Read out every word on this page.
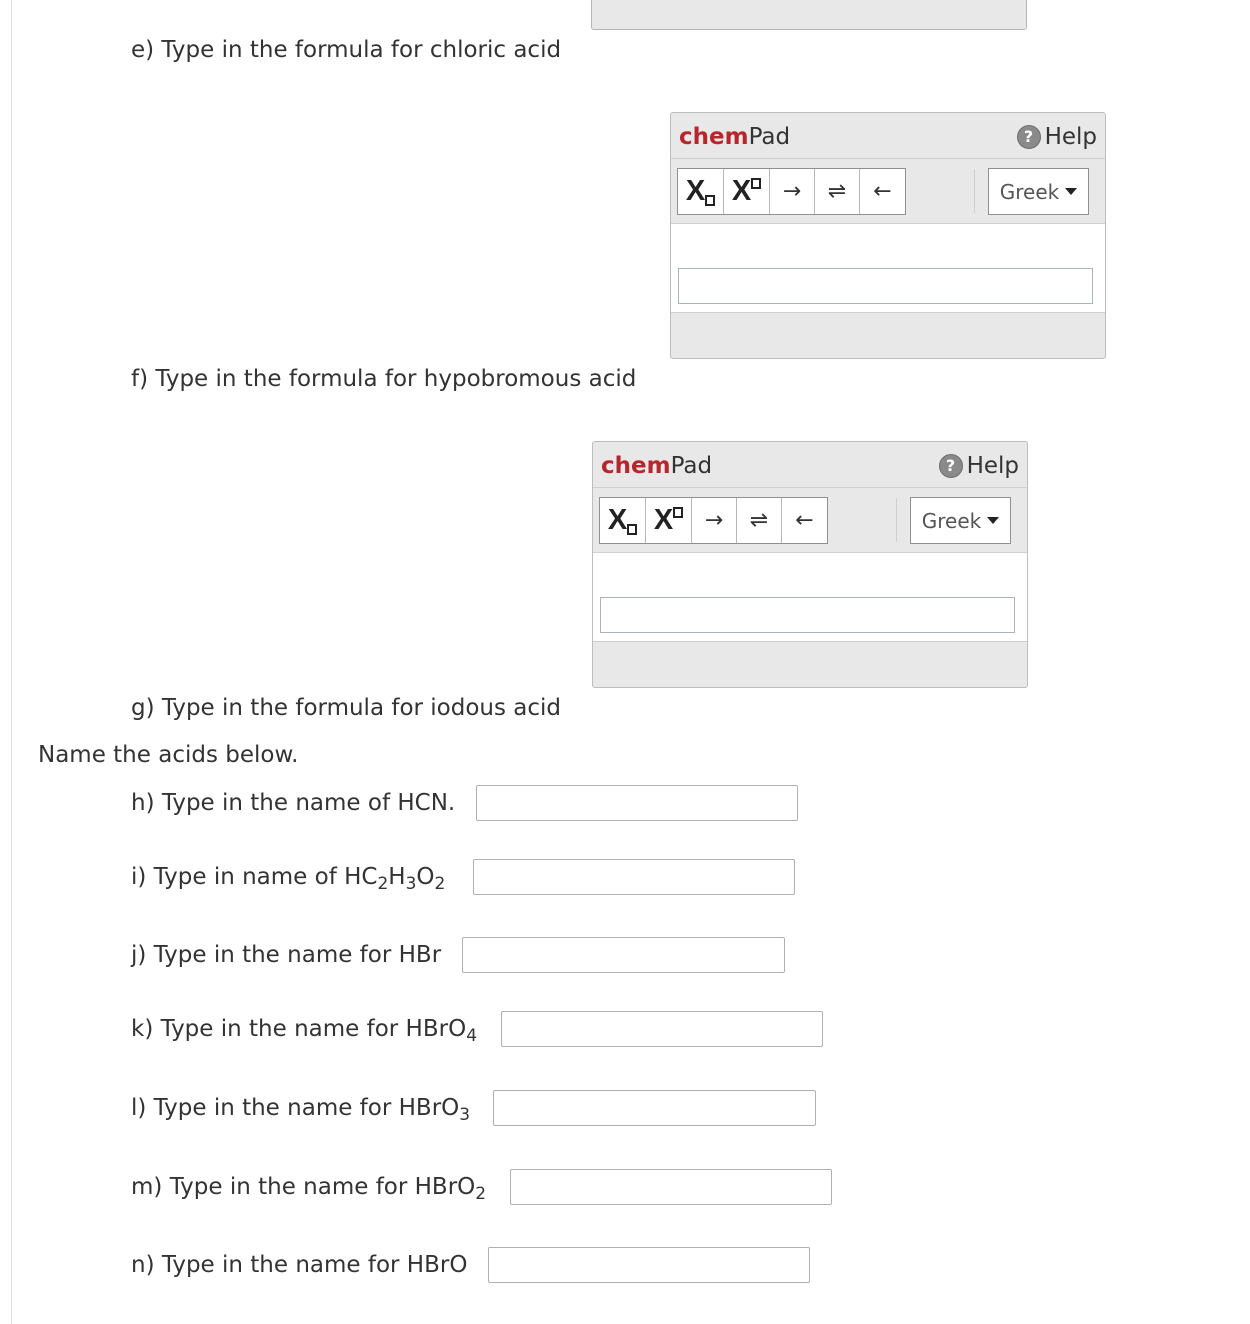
e) Type in the formula for chloric acid
chemPad	? Help
X X	→	⇌	←	Greek
f) Type in the formula for hypobromous acid
chemPad	? Help
X X	→	⇌	←	Greek
g) Type in the formula for iodous acid
Name the acids below.
h) Type in the name of HCN.
i) Type in name of $HC_2H_3O_2$
j) Type in the name for HBr
k) Type in the name for HBrO$_4$
l) Type in the name for HBrO$_3$
m) Type in the name for HBrO$_2$
n) Type in the name for HBrO
